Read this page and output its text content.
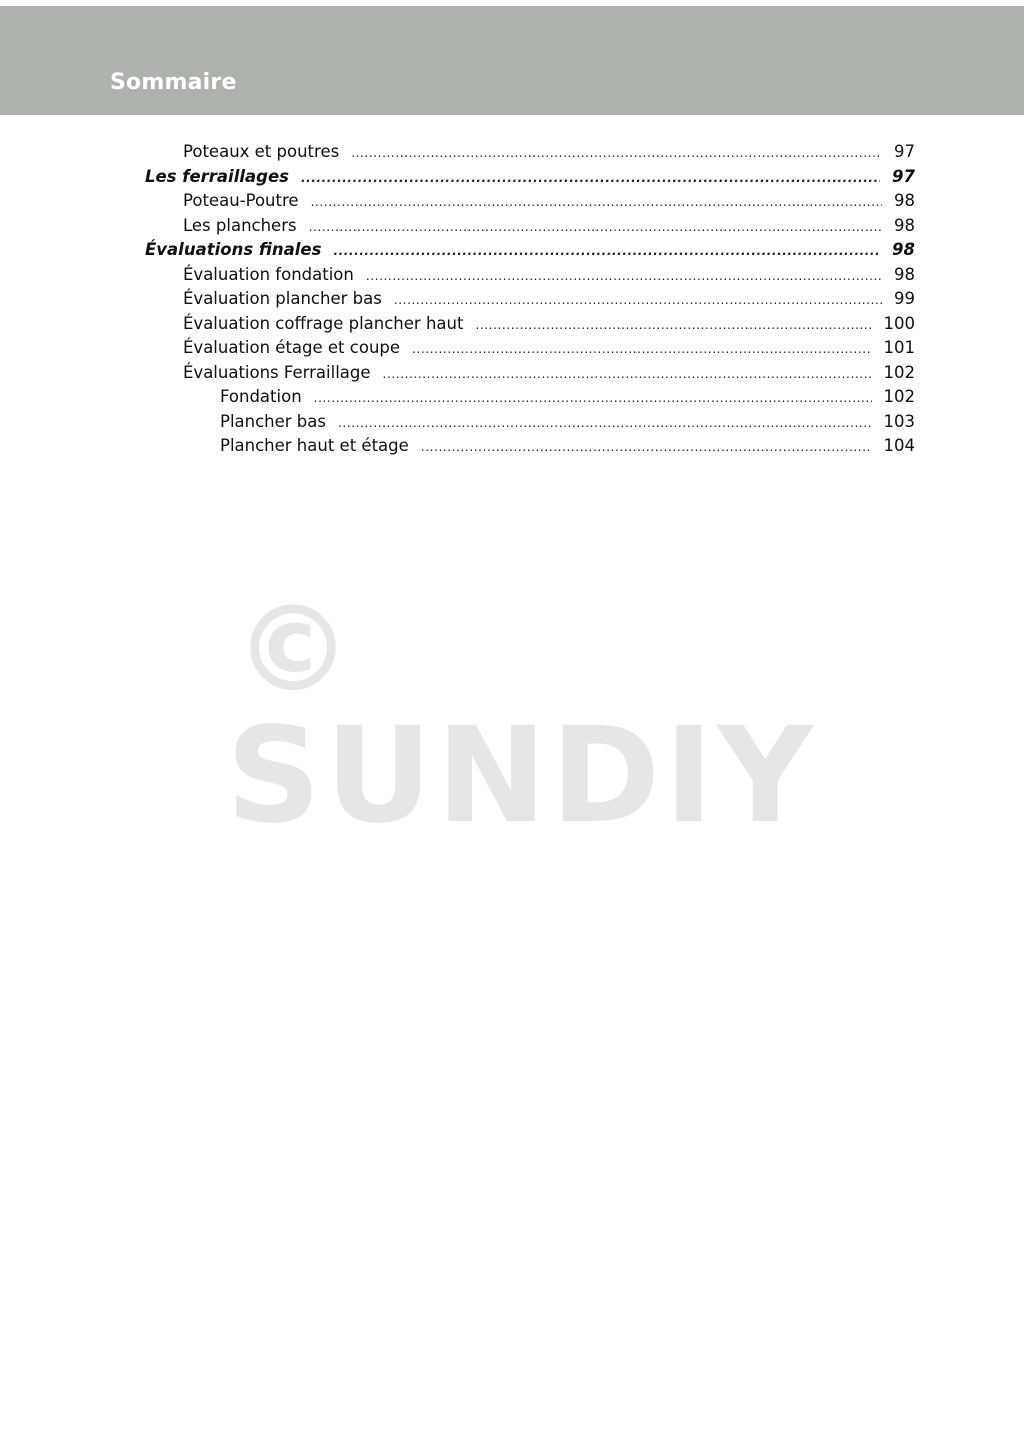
Sommaire
Poteaux et poutres .....	97
Les ferraillages .....	97
Poteau-Poutre .....	98
Les planchers .....	98
Évaluations finales .....	98
Évaluation fondation .....	98
Évaluation plancher bas .....	99
Évaluation coffrage plancher haut .....	100
Évaluation étage et coupe .....	101
Évaluations Ferraillage .....	102
Fondation .....	102
Plancher bas .....	103
Plancher haut et étage .....	104
©
SUNDIY
